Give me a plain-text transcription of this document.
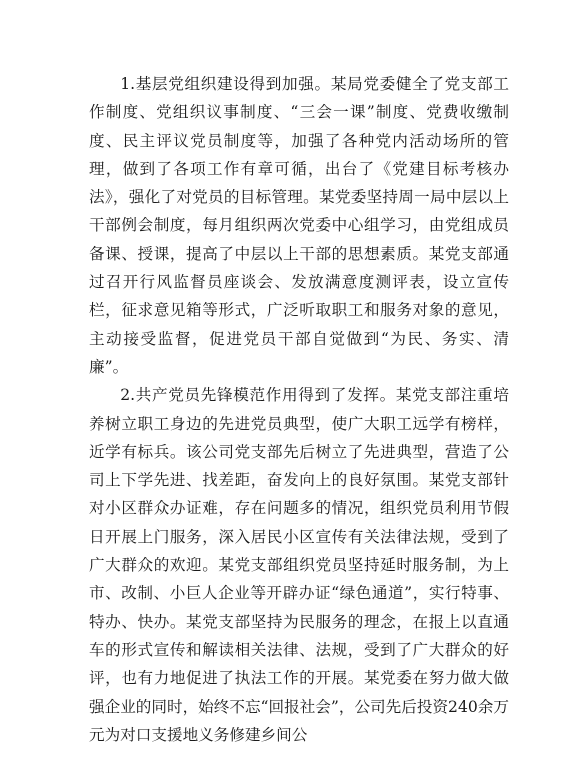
1.基层党组织建设得到加强。某局党委健全了党支部工作制度、党组织议事制度、“三会一课”制度、党费收缴制度、民主评议党员制度等，加强了各种党内活动场所的管理，做到了各项工作有章可循，出台了《党建目标考核办法》，强化了对党员的目标管理。某党委坚持周一局中层以上干部例会制度，每月组织两次党委中心组学习，由党组成员备课、授课，提高了中层以上干部的思想素质。某党支部通过召开行风监督员座谈会、发放满意度测评表，设立宣传栏，征求意见箱等形式，广泛听取职工和服务对象的意见，主动接受监督，促进党员干部自觉做到“为民、务实、清廉”。

2.共产党员先锋模范作用得到了发挥。某党支部注重培养树立职工身边的先进党员典型，使广大职工远学有榜样，近学有标兵。该公司党支部先后树立了先进典型，营造了公司上下学先进、找差距，奋发向上的良好氛围。某党支部针对小区群众办证难，存在问题多的情况，组织党员利用节假日开展上门服务，深入居民小区宣传有关法律法规，受到了广大群众的欢迎。某党支部组织党员坚持延时服务制，为上市、改制、小巨人企业等开辟办证“绿色通道”，实行特事、特办、快办。某党支部坚持为民服务的理念，在报上以直通车的形式宣传和解读相关法律、法规，受到了广大群众的好评，也有力地促进了执法工作的开展。某党委在努力做大做强企业的同时，始终不忘“回报社会”，公司先后投资240余万元为对口支援地义务修建乡间公
